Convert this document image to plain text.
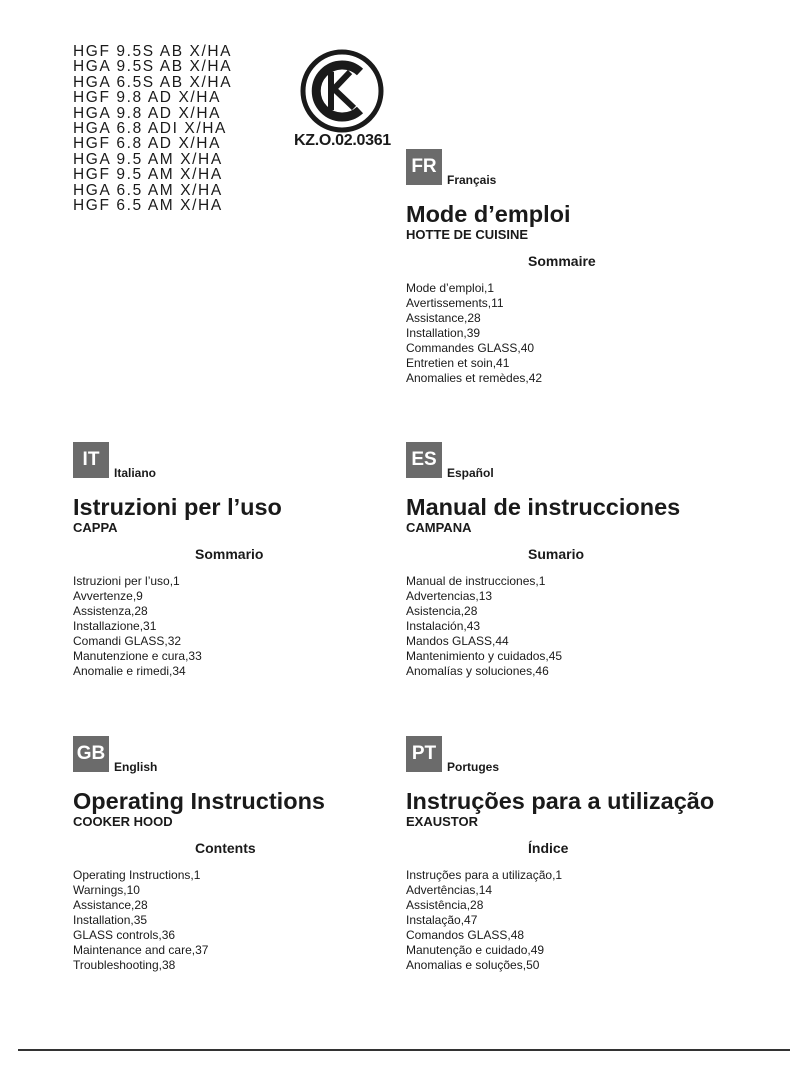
HGF 9.5S AB X/HA
HGA 9.5S AB X/HA
HGA 6.5S AB X/HA
HGF 9.8 AD X/HA
HGA 9.8 AD X/HA
HGA 6.8 ADI X/HA
HGF 6.8 AD X/HA
HGA 9.5 AM X/HA
HGF 9.5 AM X/HA
HGA 6.5 AM X/HA
HGF 6.5 AM X/HA
KZ.O.02.0361
FR
Français
Mode d’emploi
HOTTE DE CUISINE
Sommaire
Mode d’emploi,1
Avertissements,11
Assistance,28
Installation,39
Commandes GLASS,40
Entretien et soin,41
Anomalies et remèdes,42
IT
Italiano
Istruzioni per l’uso
CAPPA
Sommario
Istruzioni per l’uso,1
Avvertenze,9
Assistenza,28
Installazione,31
Comandi GLASS,32
Manutenzione e cura,33
Anomalie e rimedi,34
ES
Español
Manual de instrucciones
CAMPANA
Sumario
Manual de instrucciones,1
Advertencias,13
Asistencia,28
Instalación,43
Mandos GLASS,44
Mantenimiento y cuidados,45
Anomalías y soluciones,46
GB
English
Operating Instructions
COOKER HOOD
Contents
Operating Instructions,1
Warnings,10
Assistance,28
Installation,35
GLASS controls,36
Maintenance and care,37
Troubleshooting,38
PT
Portuges
Instruções para a utilização
EXAUSTOR
Índice
Instruções para a utilização,1
Advertências,14
Assistência,28
Instalação,47
Comandos GLASS,48
Manutenção e cuidado,49
Anomalias e soluções,50
